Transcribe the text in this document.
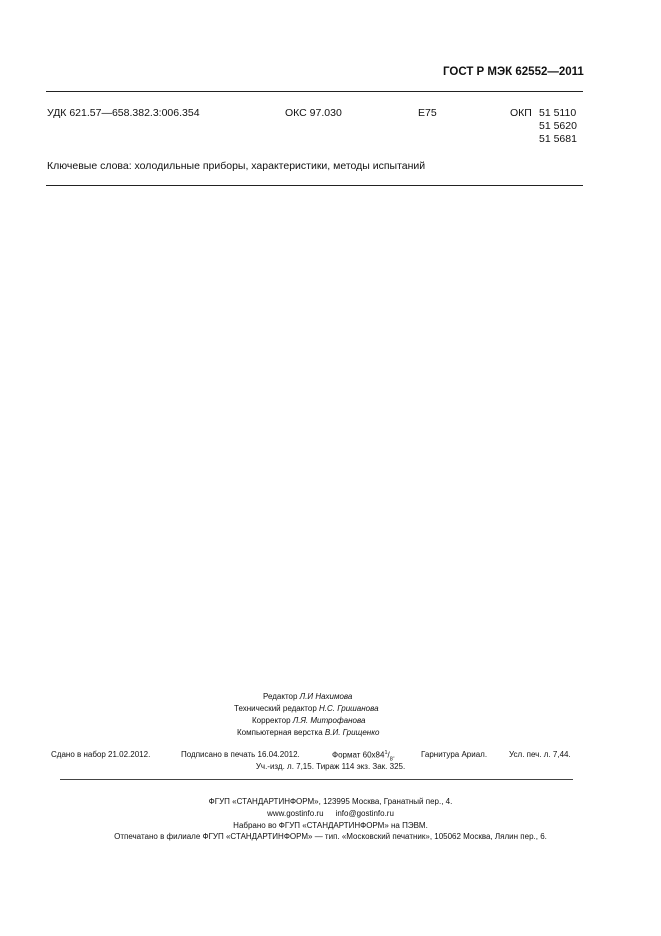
ГОСТ Р МЭК 62552—2011
УДК 621.57—658.382.3:006.354	ОКС 97.030	Е75	ОКП 51 5110
51 5620
51 5681
Ключевые слова: холодильные приборы, характеристики, методы испытаний
Редактор Л.И Нахимова
Технический редактор Н.С. Гришанова
Корректор Л.Я. Митрофанова
Компьютерная верстка В.И. Грищенко
Сдано в набор 21.02.2012.	Подписано в печать 16.04.2012.	Формат $60х84^1/_8$.	Гарнитура Ариал.	Усл. печ. л. 7,44.
Уч.-изд. л. 7,15. Тираж 114 экз. Зак. 325.
ФГУП «СТАНДАРТИНФОРМ», 123995 Москва, Гранатный пер., 4.
www.gostinfo.ru info@gostinfo.ru
Набрано во ФГУП «СТАНДАРТИНФОРМ» на ПЭВМ.
Отпечатано в филиале ФГУП «СТАНДАРТИНФОРМ» — тип. «Московский печатник», 105062 Москва, Лялин пер., 6.
